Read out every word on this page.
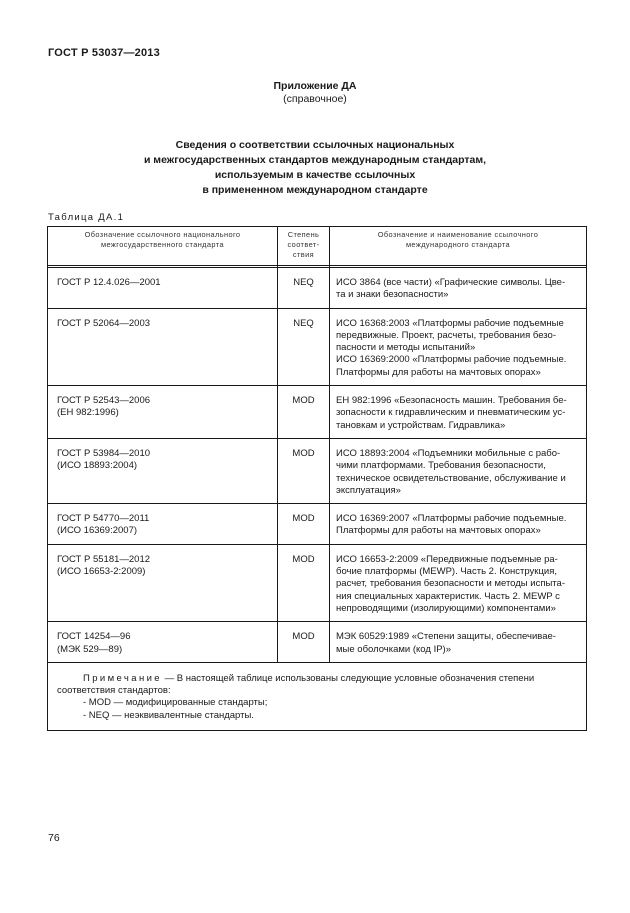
ГОСТ Р 53037—2013
Приложение ДА
(справочное)
Сведения о соответствии ссылочных национальных
и межгосударственных стандартов международным стандартам,
используемым в качестве ссылочных
в примененном международном стандарте
Таблица ДА.1
Обозначение ссылочного национального
межгосударственного стандарта	Степень
соответ-
ствия	Обозначение и наименование ссылочного
международного стандарта

ГОСТ Р 12.4.026—2001	NEQ	ИСО 3864 (все части) «Графические символы. Цве-
та и знаки безопасности»

ГОСТ Р 52064—2003	NEQ	ИСО 16368:2003 «Платформы рабочие подъемные
передвижные. Проект, расчеты, требования безо-
пасности и методы испытаний»
ИСО 16369:2000 «Платформы рабочие подъемные.
Платформы для работы на мачтовых опорах»

ГОСТ Р 52543—2006
(ЕН 982:1996)	MOD	ЕН 982:1996 «Безопасность машин. Требования бе-
зопасности к гидравлическим и пневматическим ус-
тановкам и устройствам. Гидравлика»

ГОСТ Р 53984—2010
(ИСО 18893:2004)	MOD	ИСО 18893:2004 «Подъемники мобильные с рабо-
чими платформами. Требования безопасности,
техническое освидетельствование, обслуживание и
эксплуатация»

ГОСТ Р 54770—2011
(ИСО 16369:2007)	MOD	ИСО 16369:2007 «Платформы рабочие подъемные.
Платформы для работы на мачтовых опорах»

ГОСТ Р 55181—2012
(ИСО 16653-2:2009)	MOD	ИСО 16653-2:2009 «Передвижные подъемные ра-
бочие платформы (MEWP). Часть 2. Конструкция,
расчет, требования безопасности и методы испыта-
ния специальных характеристик. Часть 2. MEWP с
непроводящими (изолирующими) компонентами»

ГОСТ 14254—96
(МЭК 529—89)	MOD	МЭК 60529:1989 «Степени защиты, обеспечивае-
мые оболочками (код IP)»

Примечание — В настоящей таблице использованы следующие условные обозначения степени
соответствия стандартов:
- MOD — модифицированные стандарты;
- NEQ — неэквивалентные стандарты.		
76
